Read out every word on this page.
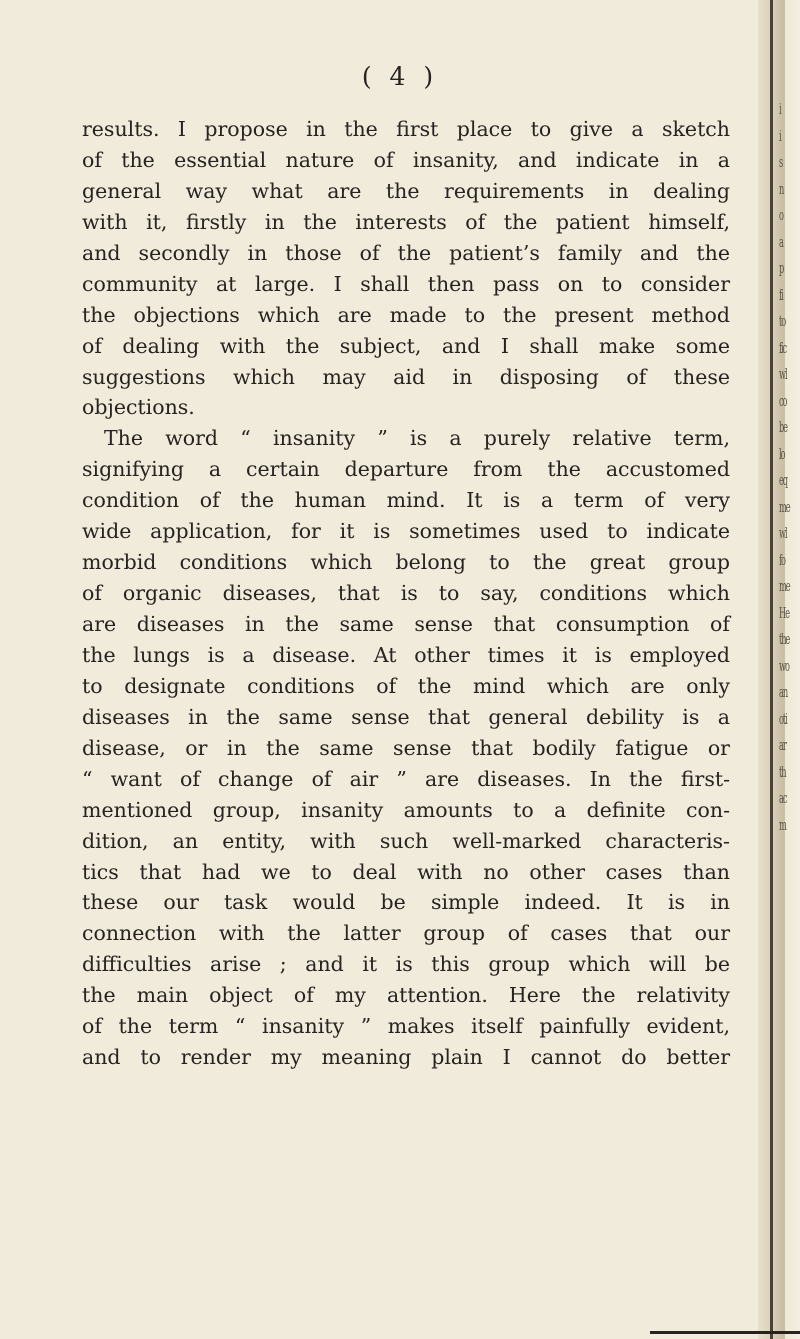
i
i
s
n
o
a
p
fi
to
fic
wl
co
be
lo
eq
me
wl
fo
me
He
the
wo
an
oti
ar
th
ac
m
( 4 )
results. I propose in the first place to give a sketch
of the essential nature of insanity, and indicate in a
general way what are the requirements in dealing
with it, firstly in the interests of the patient himself,
and secondly in those of the patient’s family and the
community at large. I shall then pass on to consider
the objections which are made to the present method
of dealing with the subject, and I shall make some
suggestions which may aid in disposing of these
objections.
The word “ insanity ” is a purely relative term,
signifying a certain departure from the accustomed
condition of the human mind. It is a term of very
wide application, for it is sometimes used to indicate
morbid conditions which belong to the great group
of organic diseases, that is to say, conditions which
are diseases in the same sense that consumption of
the lungs is a disease. At other times it is employed
to designate conditions of the mind which are only
diseases in the same sense that general debility is a
disease, or in the same sense that bodily fatigue or
“ want of change of air ” are diseases. In the first-
mentioned group, insanity amounts to a definite con-
dition, an entity, with such well-marked characteris-
tics that had we to deal with no other cases than
these our task would be simple indeed. It is in
connection with the latter group of cases that our
difficulties arise ; and it is this group which will be
the main object of my attention. Here the relativity
of the term “ insanity ” makes itself painfully evident,
and to render my meaning plain I cannot do better
